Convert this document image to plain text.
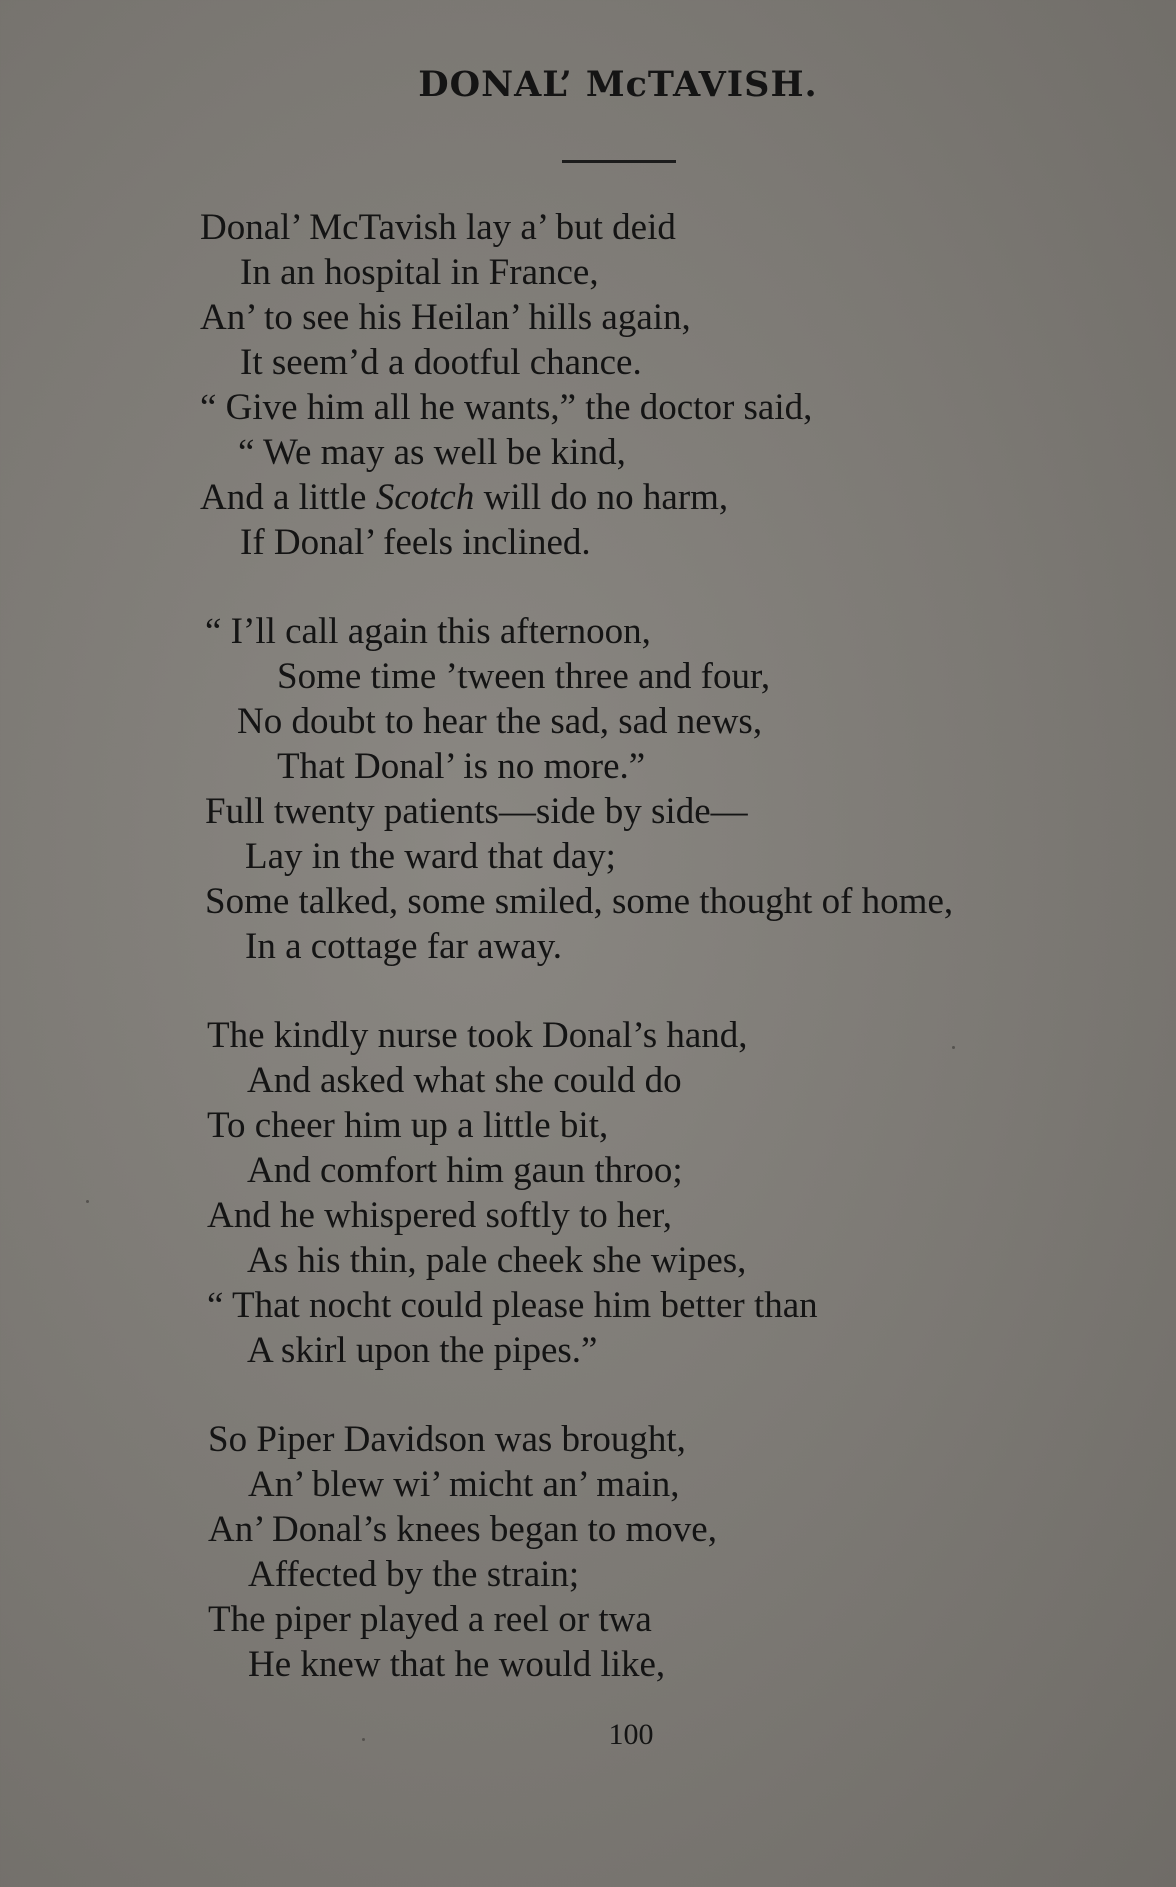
DONAL’ McTAVISH.
Donal’ McTavish lay a’ but deid
In an hospital in France,
An’ to see his Heilan’ hills again,
It seem’d a dootful chance.
“ Give him all he wants,” the doctor said,
“ We may as well be kind,
And a little Scotch will do no harm,
If Donal’ feels inclined.
“ I’ll call again this afternoon,
Some time ’tween three and four,
No doubt to hear the sad, sad news,
That Donal’ is no more.”
Full twenty patients—side by side—
Lay in the ward that day;
Some talked, some smiled, some thought of home,
In a cottage far away.
The kindly nurse took Donal’s hand,
And asked what she could do
To cheer him up a little bit,
And comfort him gaun throo;
And he whispered softly to her,
As his thin, pale cheek she wipes,
“ That nocht could please him better than
A skirl upon the pipes.”
So Piper Davidson was brought,
An’ blew wi’ micht an’ main,
An’ Donal’s knees began to move,
Affected by the strain;
The piper played a reel or twa
He knew that he would like,

100
